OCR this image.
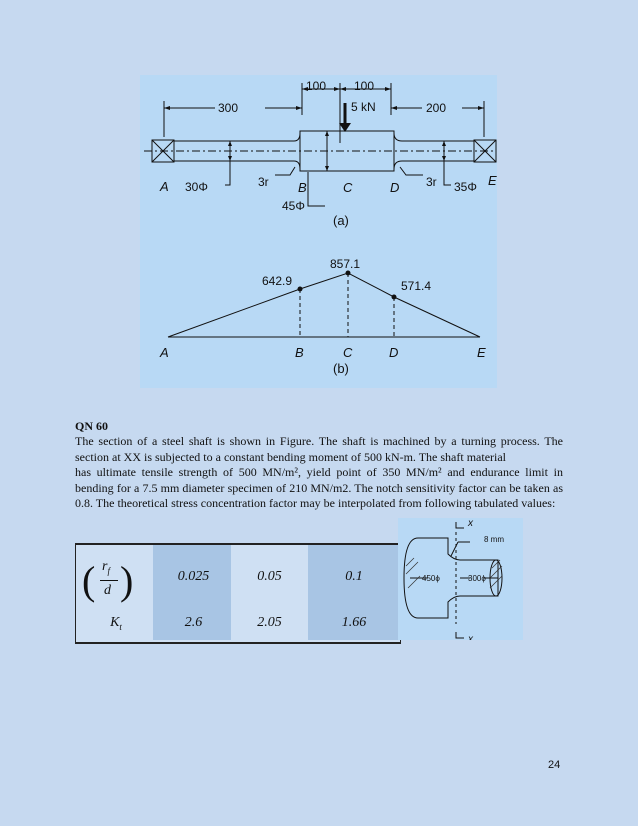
100 100
300	200
5 kN
A 30Φ	3r B	C	D 3r 35Φ E
45Φ
(a)
857.1
642.9	571.4
A	B	C	D	E
(b)
QN 60

The section of a steel shaft is shown in Figure. The shaft is machined by a turning process. The section at XX is subjected to a constant bending moment of 500 kN-m. The shaft material

has ultimate tensile strength of 500 MN/m², yield point of 350 MN/m² and endurance limit in bending for a 7.5 mm diameter specimen of 210 MN/m2. The notch sensitivity factor can be taken as 0.8. The theoretical stress concentration factor may be interpolated from following tabulated values:

( $r_f$
d )	0.025	0.05	0.1
$K_t$	2.6	2.05	1.66
x
x
8 mm
450ϕ	300ϕ
24
